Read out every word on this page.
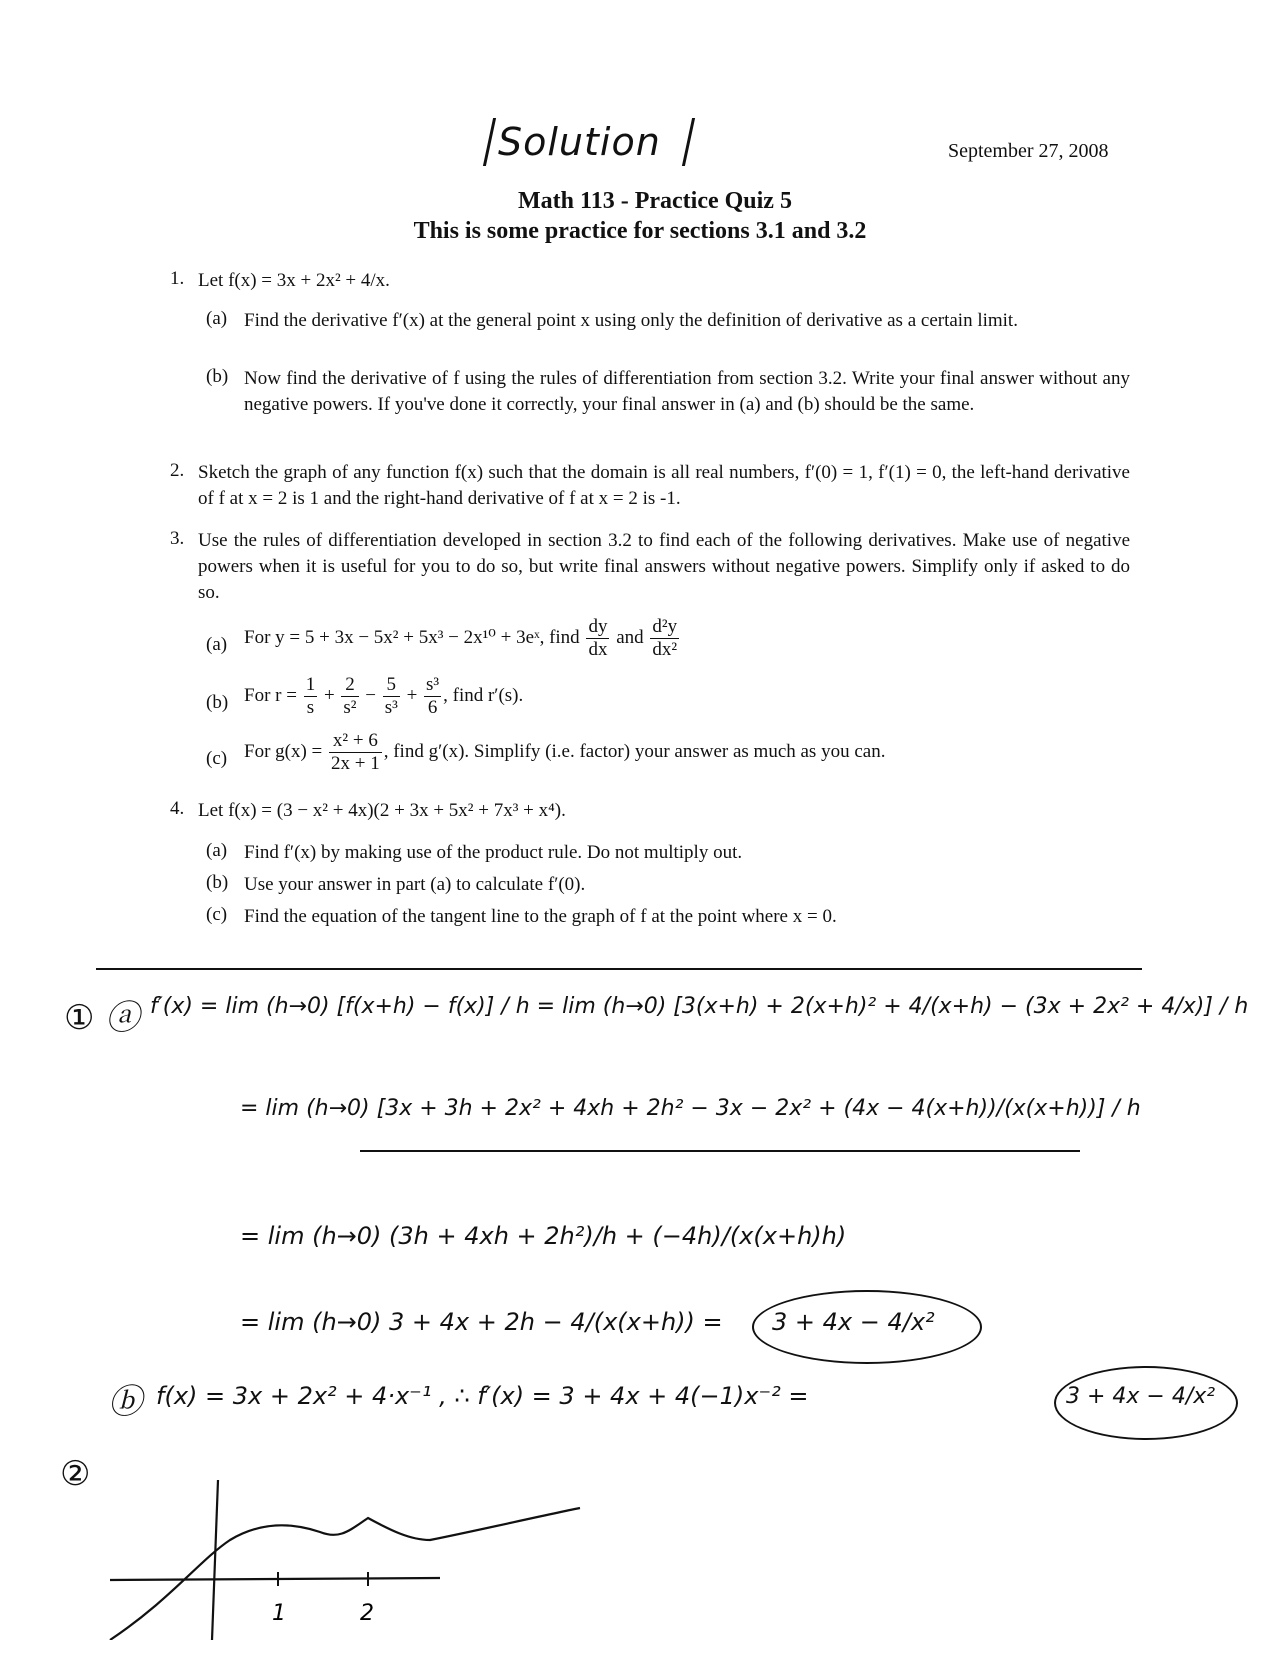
Solution	September 27, 2008
Math 113 - Practice Quiz 5
This is some practice for sections 3.1 and 3.2
1. Let f(x) = 3x + 2x² + 4/x.
(a) Find the derivative f′(x) at the general point x using only the definition of derivative as a certain limit.
(b) Now find the derivative of f using the rules of differentiation from section 3.2. Write your final answer without any negative powers. If you've done it correctly, your final answer in (a) and (b) should be the same.
2. Sketch the graph of any function f(x) such that the domain is all real numbers, f′(0) = 1, f′(1) = 0, the left-hand derivative of f at x = 2 is 1 and the right-hand derivative of f at x = 2 is -1.
3. Use the rules of differentiation developed in section 3.2 to find each of the following derivatives. Make use of negative powers when it is useful for you to do so, but write final answers without negative powers. Simplify only if asked to do so.
(a) For y = 5 + 3x − 5x² + 5x³ − 2x¹⁰ + 3eˣ, find $\frac{dy}{dx}$ and $\frac{\text{d²y}}{\text{dx²}}$
(b) For $r = \frac{1}{s} + \frac{2}{\text{s²}} - \frac{5}{\text{s³}} + \frac{\text{s³}}{6}$ , find r′(s).
(c) For $g(x) = \frac{\text{x² + 6}}{2x + 1}$ , find g′(x). Simplify (i.e. factor) your answer as much as you can.
4. Let f(x) = (3 − x² + 4x)(2 + 3x + 5x² + 7x³ + x⁴).
(a) Find f′(x) by making use of the product rule. Do not multiply out.
(b) Use your answer in part (a) to calculate f′(0).
(c) Find the equation of the tangent line to the graph of f at the point where x = 0.
① ⓐ f′(x) = lim (h→0) [f(x+h) − f(x)] / h = lim (h→0) [3(x+h) + 2(x+h)² + 4/(x+h) − (3x + 2x² + 4/x)] / h
= lim (h→0) [3x + 3h + 2x² + 4xh + 2h² − 3x − 2x² + (4x − 4(x+h))/(x(x+h))] / h
= lim (h→0) (3h + 4xh + 2h²)/h + (−4h)/(x(x+h)h)
= lim (h→0) 3 + 4x + 2h − 4/(x(x+h)) = 3 + 4x − 4/x²
ⓑ f(x) = 3x + 2x² + 4·x⁻¹ , ∴ f′(x) = 3 + 4x + 4(−1)x⁻² =	3 + 4x − 4/x²
②
1	2
